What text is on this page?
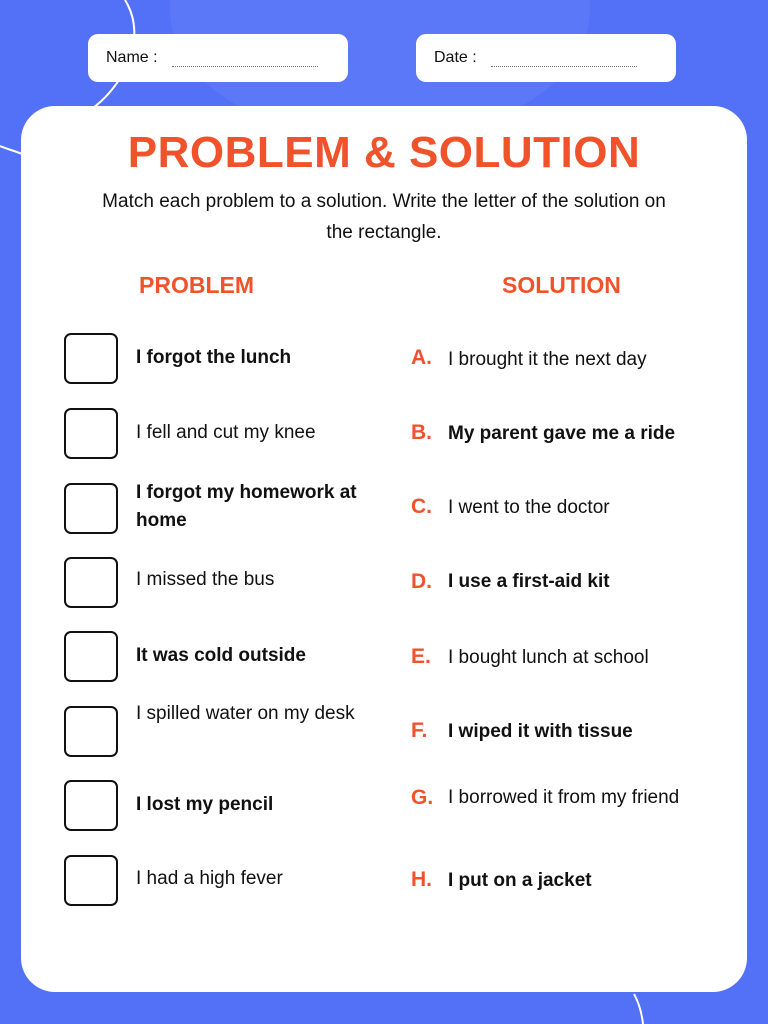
Name :	Date :
PROBLEM & SOLUTION
Match each problem to a solution. Write the letter of the solution on the rectangle.
PROBLEM	SOLUTION
I forgot the lunch
I fell and cut my knee
I forgot my homework at home
I missed the bus
It was cold outside
I spilled water on my desk
I lost my pencil
I had a high fever
A. I brought it the next day
B. My parent gave me a ride
C. I went to the doctor
D. I use a first-aid kit
E. I bought lunch at school
F. I wiped it with tissue
G. I borrowed it from my friend
H. I put on a jacket
